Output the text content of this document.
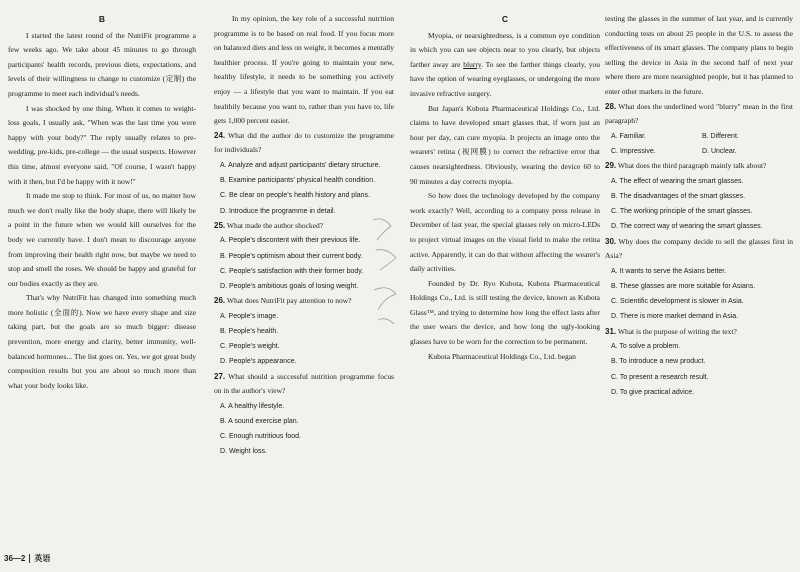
B

I started the latest round of the NutriFit programme a few weeks ago. We take about 45 minutes to go through participants' health records, previous diets, expectations, and levels of their willingness to change to customize (定制) the programme to meet each individual's needs.

I was shocked by one thing. When it comes to weight-loss goals, I usually ask, "When was the last time you were happy with your body?" The reply usually relates to pre-wedding, pre-kids, pre-college — the usual suspects. However this time, almost everyone said, "Of course, I wasn't happy with it then, but I'd be happy with it now!"

It made me stop to think. For most of us, no matter how much we don't really like the body shape, there will likely be a point in the future when we would kill ourselves for the body we currently have. I don't mean to discourage anyone from improving their health right now, but maybe we need to stop and smell the roses. We should be happy and grateful for our bodies exactly as they are.

That's why NutriFit has changed into something much more holistic (全面的). Now we have every shape and size taking part, but the goals are so much bigger: disease prevention, more energy and clarity, better immunity, well-balanced hormones... The list goes on. Yes, we got great body composition results but you are about so much more than what your body looks like.

In my opinion, the key role of a successful nutrition programme is to be based on real food. If you focus more on balanced diets and less on weight, it becomes a mentally healthier process. If you're going to maintain your new, healthy lifestyle, it needs to be something you actively enjoy — a lifestyle that you want to maintain. If you eat healthily because you want to, rather than you have to, life gets 1,000 percent easier.

24. What did the author do to customize the programme for individuals?
A. Analyze and adjust participants' dietary structure.
B. Examine participants' physical health condition.
C. Be clear on people's health history and plans.
D. Introduce the programme in detail.
25. What made the author shocked?
A. People's discontent with their previous life.
B. People's optimism about their current body.
C. People's satisfaction with their former body.
D. People's ambitious goals of losing weight.
26. What does NutriFit pay attention to now?
A. People's image.
B. People's health.
C. People's weight.
D. People's appearance.
27. What should a successful nutrition programme focus on in the author's view?
A. A healthy lifestyle.
B. A sound exercise plan.
C. Enough nutritious food.
D. Weight loss.
C

Myopia, or nearsightedness, is a common eye condition in which you can see objects near to you clearly, but objects farther away are blurry. To see the farther things clearly, you have the option of wearing eyeglasses, or undergoing the more invasive refractive surgery.

But Japan's Kubota Pharmaceutical Holdings Co., Ltd. claims to have developed smart glasses that, if worn just an hour per day, can cure myopia. It projects an image onto the wearers' retina (视网膜) to correct the refractive error that causes nearsightedness. Obviously, wearing the device 60 to 90 minutes a day corrects myopia.

So how does the technology developed by the company work exactly? Well, according to a company press release in December of last year, the special glasses rely on micro-LEDs to project virtual images on the visual field to make the retina active. Apparently, it can do that without affecting the wearer's daily activities.

Founded by Dr. Ryo Kubota, Kubota Pharmaceutical Holdings Co., Ltd. is still testing the device, known as Kubota Glass™, and trying to determine how long the effect lasts after the user wears the device, and how long the ugly-looking glasses have to be worn for the correction to be permanent.

Kubota Pharmaceutical Holdings Co., Ltd. began

testing the glasses in the summer of last year, and is currently conducting tests on about 25 people in the U.S. to assess the effectiveness of its smart glasses. The company plans to begin selling the device in Asia in the second half of next year where there are more nearsighted people, but it has planned to enter other markets in the future.

28. What does the underlined word "blurry" mean in the first paragraph?
A. Familiar.	B. Different.
C. Impressive.	D. Unclear.
29. What does the third paragraph mainly talk about?
A. The effect of wearing the smart glasses.
B. The disadvantages of the smart glasses.
C. The working principle of the smart glasses.
D. The correct way of wearing the smart glasses.
30. Why does the company decide to sell the glasses first in Asia?
A. It wants to serve the Asians better.
B. These glasses are more suitable for Asians.
C. Scientific development is slower in Asia.
D. There is more market demand in Asia.
31. What is the purpose of writing the text?
A. To solve a problem.
B. To introduce a new product.
C. To present a research result.
D. To give practical advice.
36—2 英语
